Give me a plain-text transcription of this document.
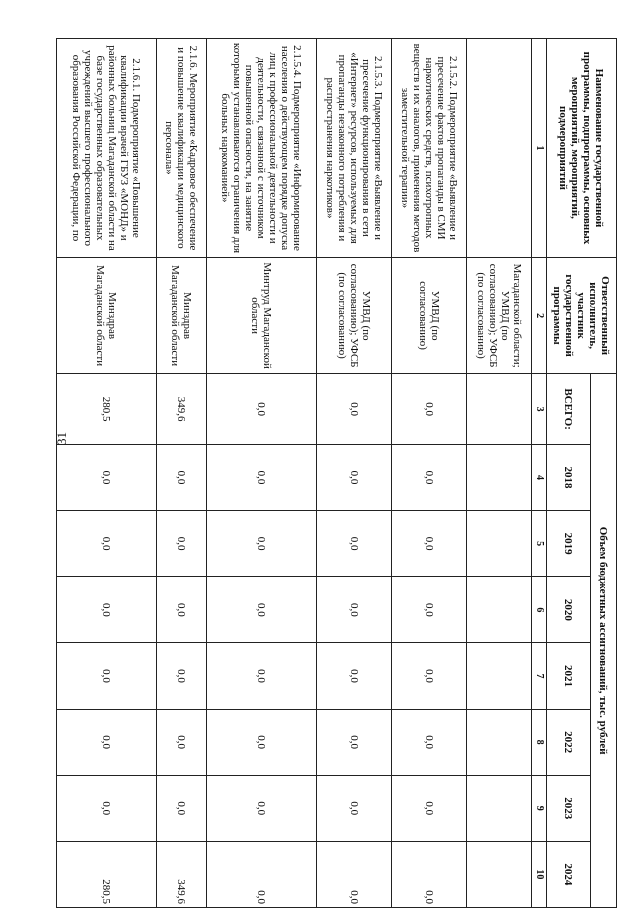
31
Наименование государственной программы, подпрограммы, основных мероприятий, мероприятий, подмероприятий	Ответственный исполнитель, участник государственной программы	Объем бюджетных ассигнований, тыс. рублей							
		ВСЕГО:	2018	2019	2020	2021	2022	2023	2024
1	2	3	4	5	6	7	8	9	10
	Магаданской области; УМВД (по согласованию); УФСБ (по согласованию)								
2.1.5.2. Подмероприятие «Выявление и пресечение фактов пропаганды в СМИ наркотических средств, психотропных веществ и их аналогов, применения методов заместительной терапии»	УМВД (по согласованию)	0,0	0,0	0,0	0,0	0,0	0,0	0,0	0,0
2.1.5.3. Подмероприятие «Выявление и пресечение функционирования в сети «Интернет» ресурсов, используемых для пропаганды незаконного потребления и распространения наркотиков»	УМВД (по согласованию); УФСБ (по согласованию)	0,0	0,0	0,0	0,0	0,0	0,0	0,0	0,0
2.1.5.4. Подмероприятие «Информирование населения о действующем порядке допуска лиц к профессиональной деятельности и деятельности, связанной с источником повышенной опасности, на занятие которыми устанавливаются ограничения для больных наркоманией»	Минтруд Магаданской области	0,0	0,0	0,0	0,0	0,0	0,0	0,0	0,0
2.1.6. Мероприятие «Кадровое обеспечение и повышение квалификации медицинского персонала»	Минздрав Магаданской области	349,6	0,0	0,0	0,0	0,0	0,0	0,0	349,6
2.1.6.1. Подмероприятие «Повышение квалификации врачей ГБУЗ «МОНД» и районных больниц Магаданской области на базе государственных образовательных учреждений высшего профессионального образования Российской Федерации, по	Минздрав Магаданской области	280,5	0,0	0,0	0,0	0,0	0,0	0,0	280,5
